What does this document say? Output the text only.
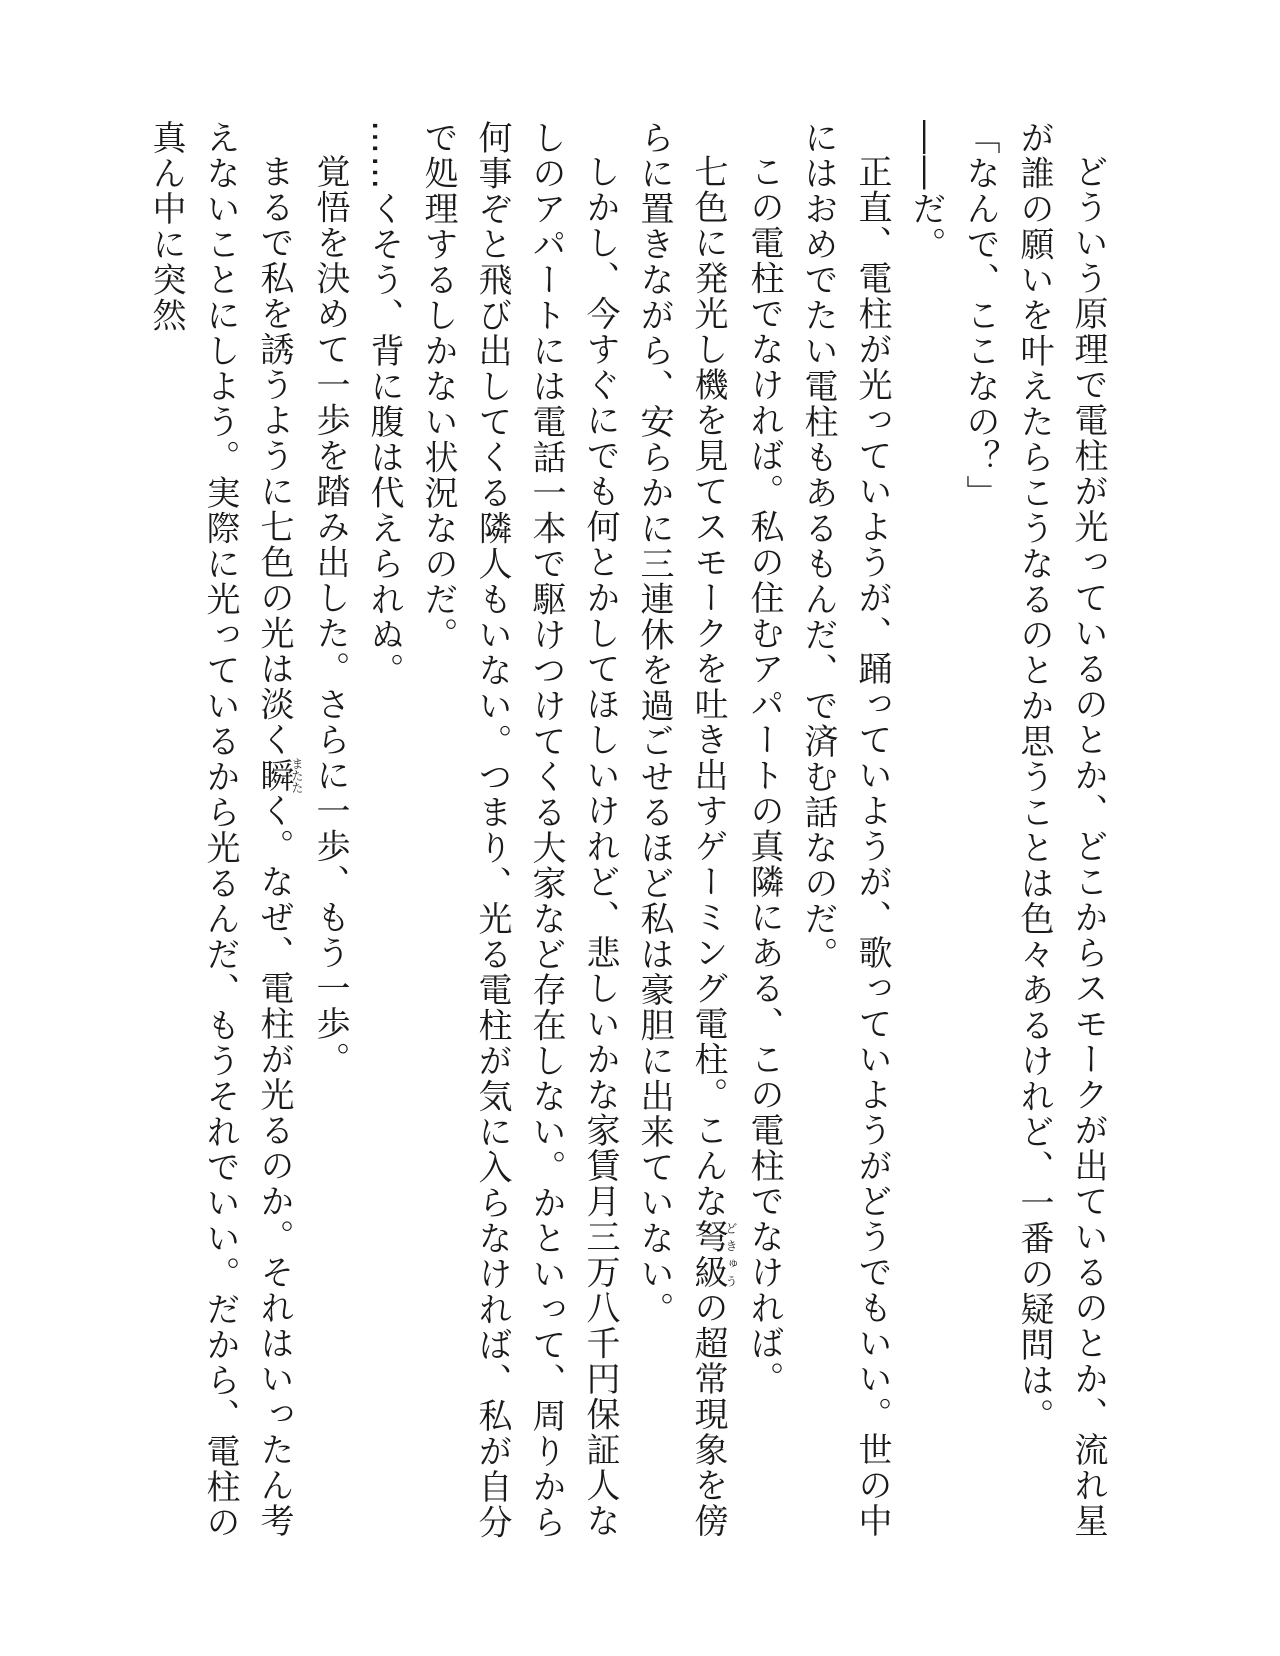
どういう原理で電柱が光っているのとか、どこからスモークが出ているのとか、流れ星が誰の願いを叶えたらこうなるのとか思うことは色々あるけれど、一番の疑問は。

「なんで、ここなの？」

――だ。

正直、電柱が光っていようが、踊っていようが、歌っていようがどうでもいい。世の中にはおめでたい電柱もあるもんだ、で済む話なのだ。

この電柱でなければ。私の住むアパートの真隣にある、この電柱でなければ。

七色に発光し機を見てスモークを吐き出すゲーミング電柱。こんな弩級どきゅうの超常現象を傍らに置きながら、安らかに三連休を過ごせるほど私は豪胆に出来ていない。

しかし、今すぐにでも何とかしてほしいけれど、悲しいかな家賃月三万八千円保証人なしのアパートには電話一本で駆けつけてくる大家など存在しない。かといって、周りから何事ぞと飛び出してくる隣人もいない。つまり、光る電柱が気に入らなければ、私が自分で処理するしかない状況なのだ。

……くそう、背に腹は代えられぬ。

覚悟を決めて一歩を踏み出した。さらに一歩、もう一歩。

まるで私を誘うように七色の光は淡く瞬またたく。なぜ、電柱が光るのか。それはいったん考えないことにしよう。実際に光っているから光るんだ、もうそれでいい。だから、電柱の真ん中に突然
